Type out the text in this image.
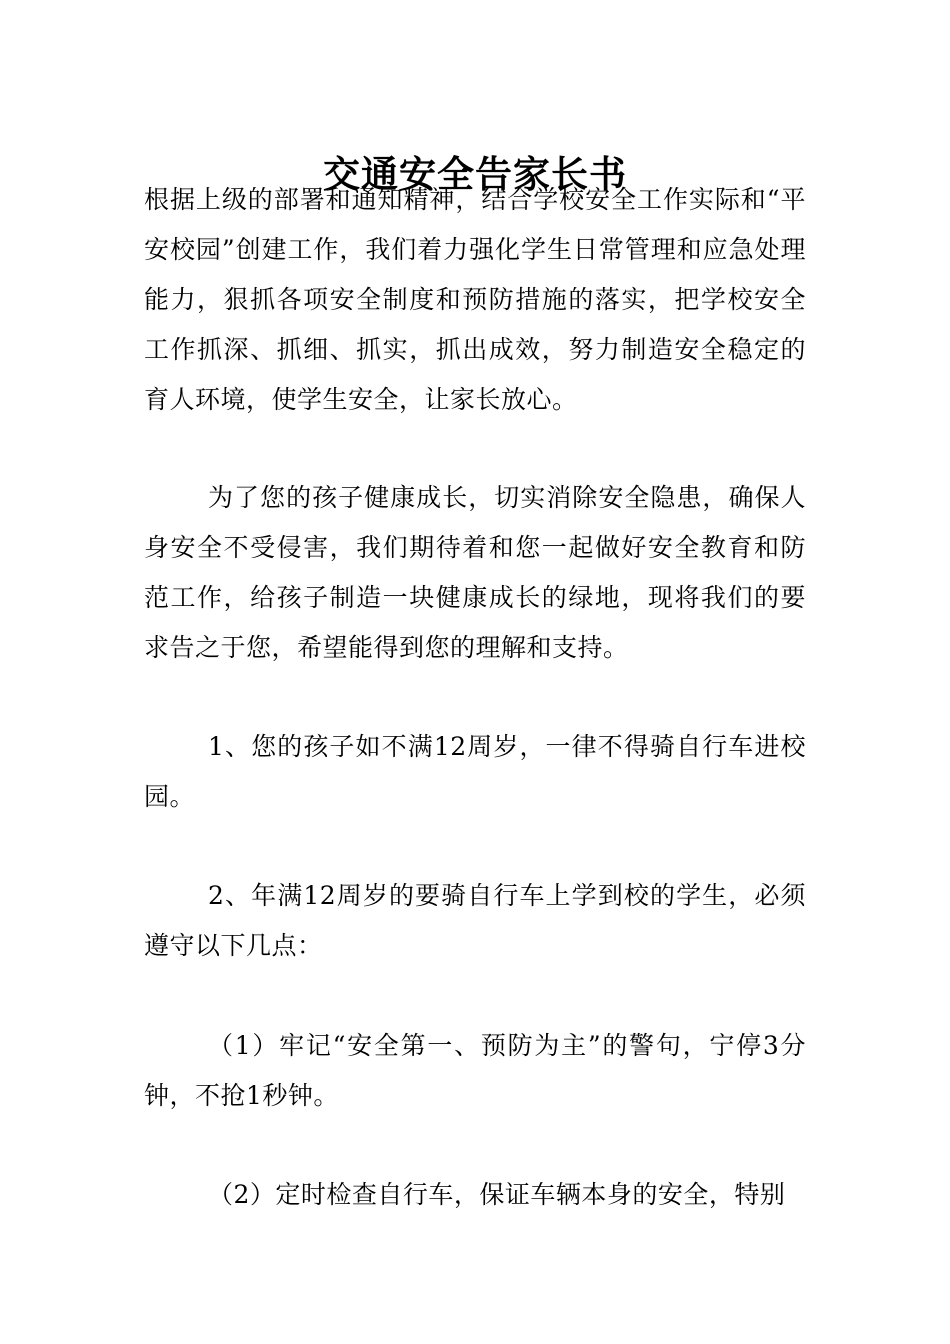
交通安全告家长书

根据上级的部署和通知精神，结合学校安全工作实际和“平安校园”创建工作，我们着力强化学生日常管理和应急处理能力，狠抓各项安全制度和预防措施的落实，把学校安全工作抓深、抓细、抓实，抓出成效，努力制造安全稳定的育人环境，使学生安全，让家长放心。

为了您的孩子健康成长，切实消除安全隐患，确保人身安全不受侵害，我们期待着和您一起做好安全教育和防范工作，给孩子制造一块健康成长的绿地，现将我们的要求告之于您，希望能得到您的理解和支持。

1、您的孩子如不满12周岁，一律不得骑自行车进校园。

2、年满12周岁的要骑自行车上学到校的学生，必须遵守以下几点：

（1）牢记“安全第一、预防为主”的警句，宁停3分钟，不抢1秒钟。

（2）定时检查自行车，保证车辆本身的安全，特别
